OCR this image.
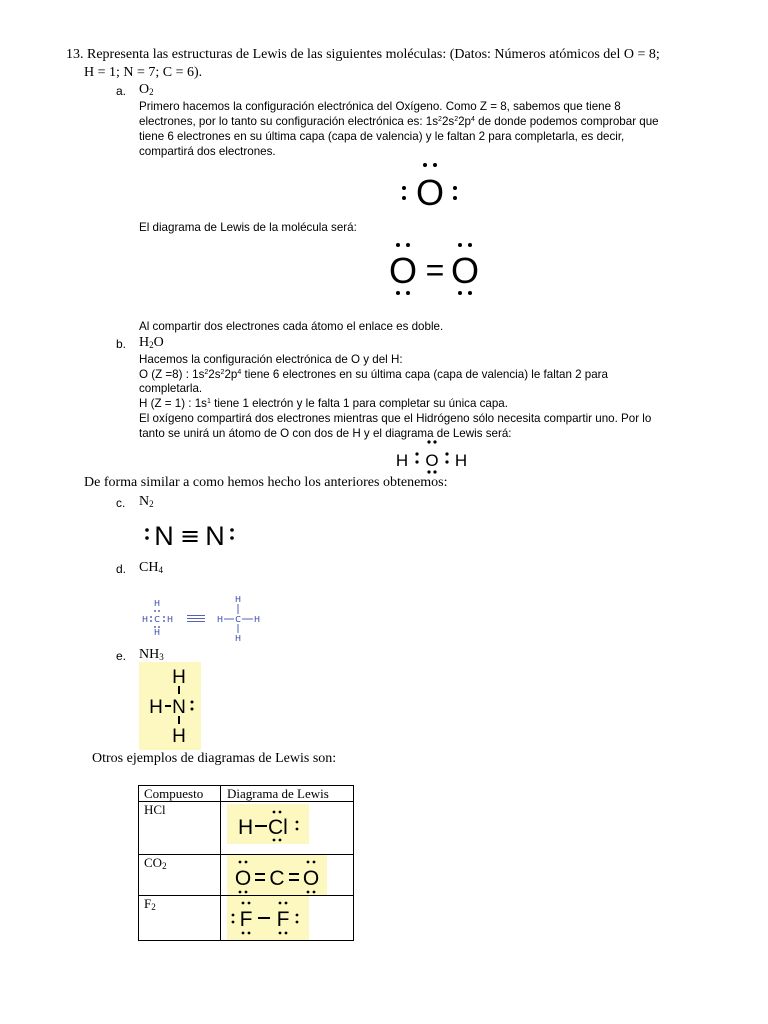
13. Representa las estructuras de Lewis de las siguientes moléculas: (Datos: Números atómicos del O = 8;
H = 1; N = 7; C = 6).
a. $O_2$
Primero hacemos la configuración electrónica del Oxígeno. Como Z = 8, sabemos que tiene 8
electrones, por lo tanto su configuración electrónica es: $1s^22s^22p^4$ de donde podemos comprobar que
tiene 6 electrones en su última capa (capa de valencia) y le faltan 2 para completarla, es decir,
compartirá dos electrones.
O
El diagrama de Lewis de la molécula será:
O = O
Al compartir dos electrones cada átomo el enlace es doble.
b. $H_2O$
Hacemos la configuración electrónica de O y del H:
O (Z =8) : $1s^22s^22p^4$ tiene 6 electrones en su última capa (capa de valencia) le faltan 2 para
completarla.
H (Z = 1) : $1s^1$ tiene 1 electrón y le falta 1 para completar su única capa.
El oxígeno compartirá dos electrones mientras que el Hidrógeno sólo necesita compartir uno. Por lo
tanto se unirá un átomo de O con dos de H y el diagrama de Lewis será:
H O H
De forma similar a como hemos hecho los anteriores obtenemos:
c. $N_2$
N ≡ N
d. $CH_4$
H
H C H
H
H
H C H
H
e. $NH_3$
H
H N
H
Otros ejemplos de diagramas de Lewis son:
Compuesto	Diagrama de Lewis
HCl	H Cl

$CO_2$	O C O

$F_2$	F F
